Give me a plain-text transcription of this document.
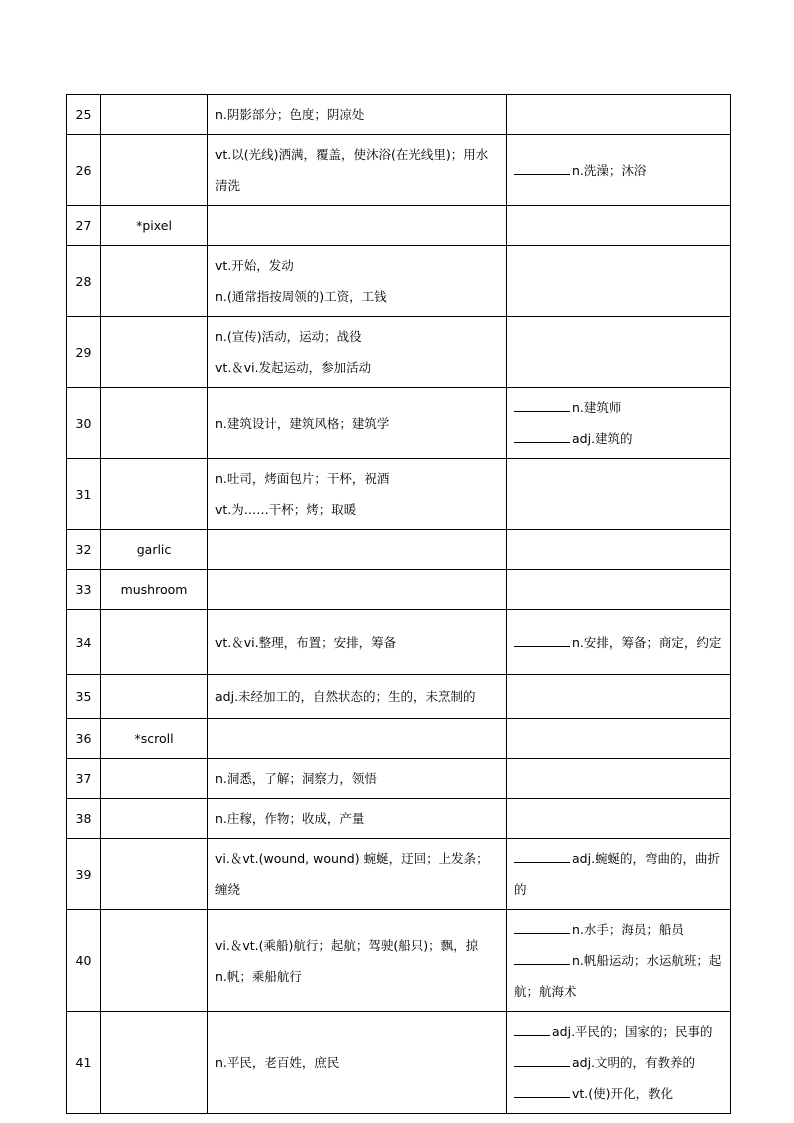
25		n.阴影部分；色度；阴凉处	

26		vt.以(光线)洒满，覆盖，使沐浴(在光线里)；用水清洗	n.洗澡；沐浴

27	*pixel		
28		vt.开始，发动
n.(通常指按周领的)工资，工钱	

29		n.(宣传)活动，运动；战役
vt.＆vi.发起运动，参加活动	

30		n.建筑设计，建筑风格；建筑学	n.建筑师
adj.建筑的

31		n.吐司，烤面包片；干杯，祝酒
vt.为……干杯；烤；取暖	

32	garlic		
33	mushroom		
34		vt.＆vi.整理，布置；安排，筹备	n.安排，筹备；商定，约定

35		adj.未经加工的，自然状态的；生的，未烹制的	

36	*scroll		
37		n.洞悉，了解；洞察力，领悟	

38		n.庄稼，作物；收成，产量	

39		vi.＆vt.(wound, wound) 蜿蜒，迂回；上发条；缠绕	adj.蜿蜒的，弯曲的，曲折的

40		vi.＆vt.(乘船)航行；起航；驾驶(船只)；飘，掠
n.帆；乘船航行	n.水手；海员；船员
n.帆船运动；水运航班；起航；航海术

41		n.平民，老百姓，庶民	adj.平民的；国家的；民事的
adj.文明的，有教养的
vt.(使)开化，教化
